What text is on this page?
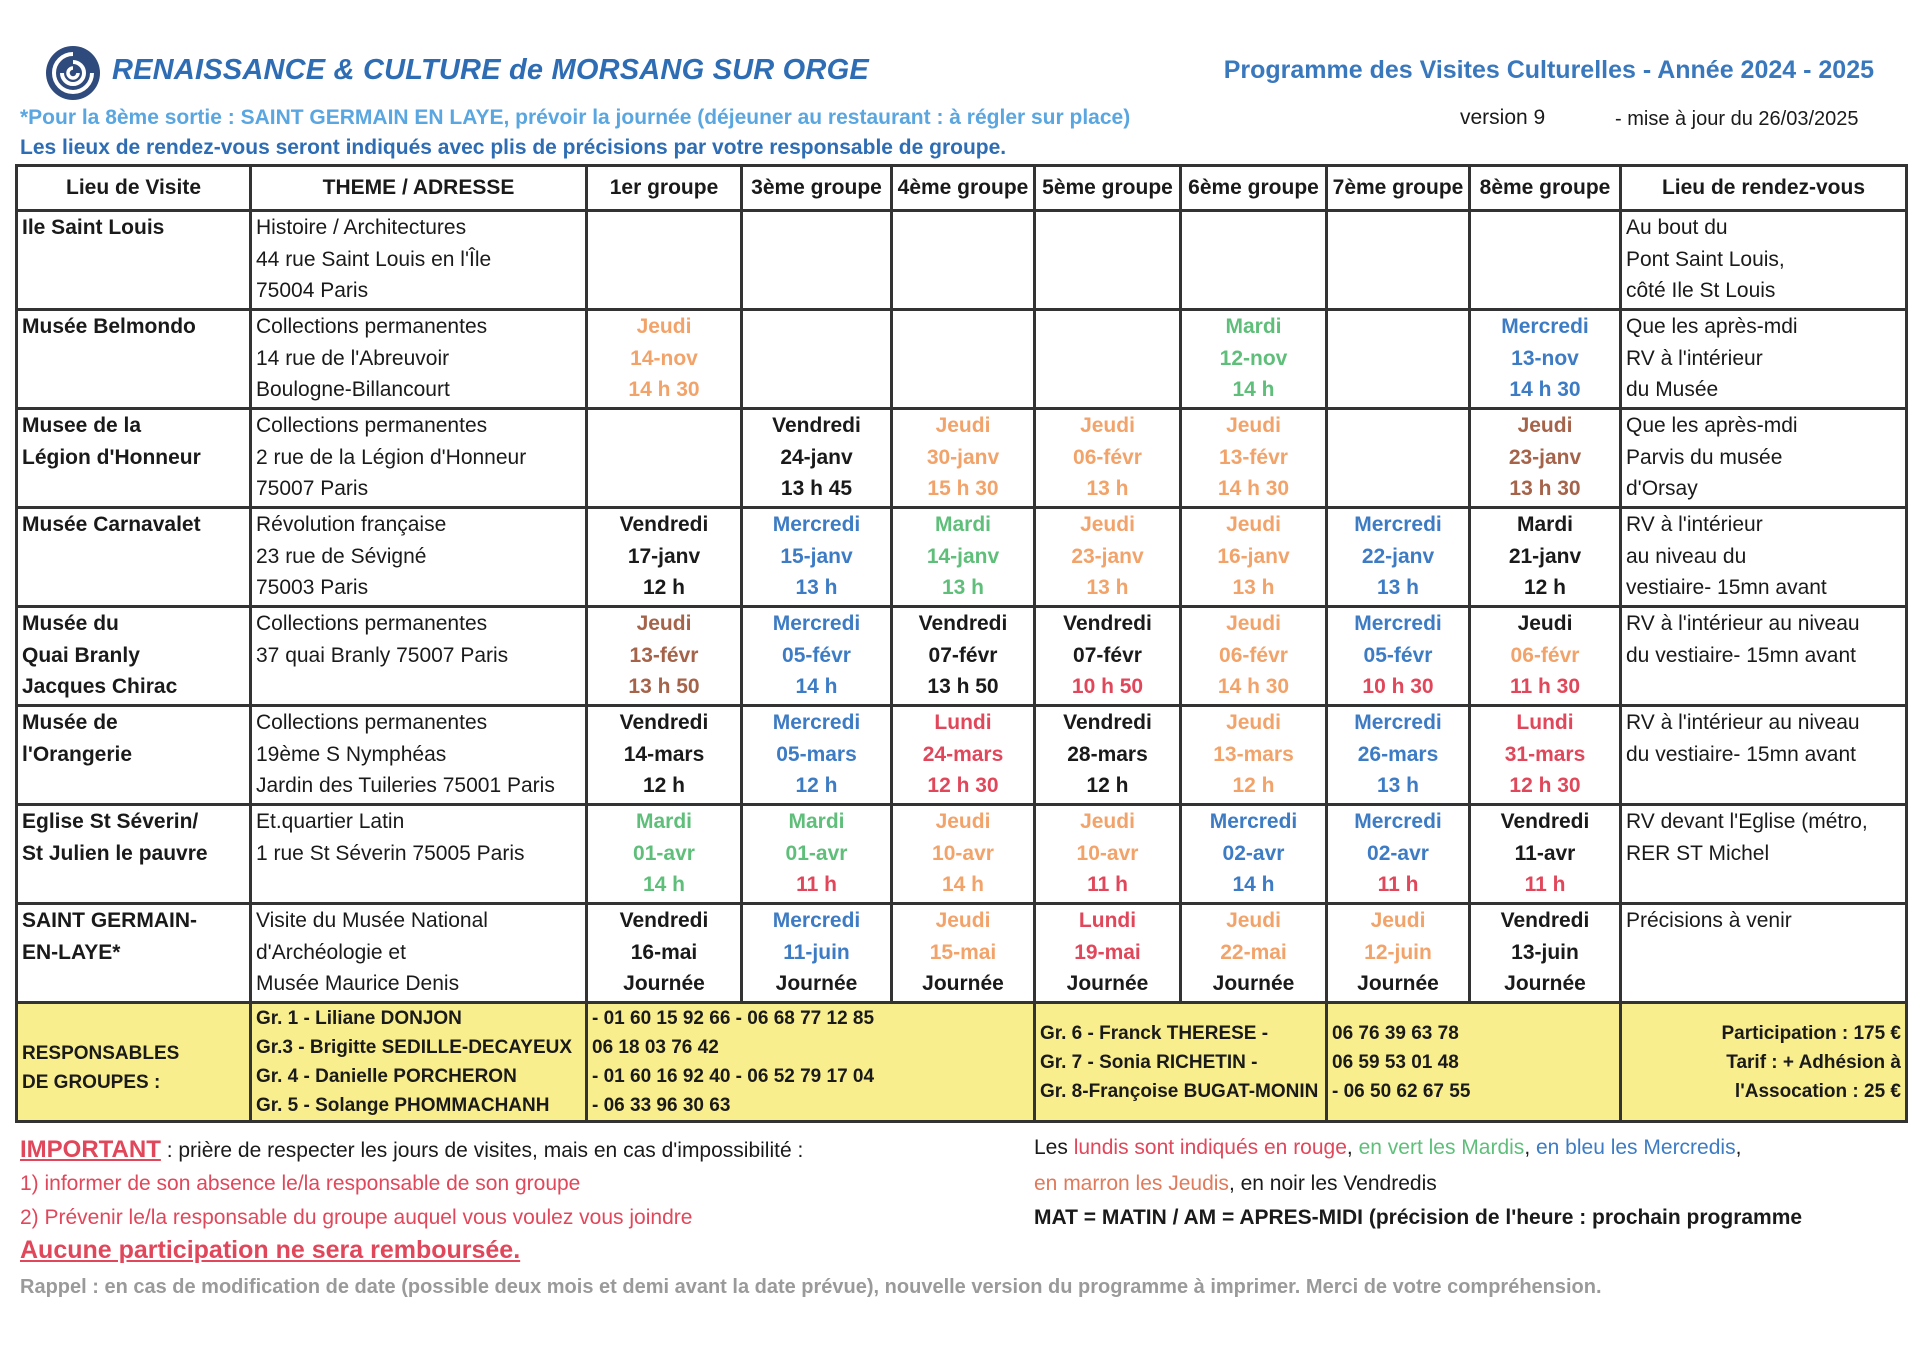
RENAISSANCE & CULTURE de MORSANG SUR ORGE	Programme des Visites Culturelles - Année 2024 - 2025
*Pour la 8ème sortie : SAINT GERMAIN EN LAYE, prévoir la journée (déjeuner au restaurant : à régler sur place)	version 9	- mise à jour du 26/03/2025
Les lieux de rendez-vous seront indiqués avec plis de précisions par votre responsable de groupe.
Lieu de Visite	THEME / ADRESSE	1er groupe	3ème groupe	4ème groupe	5ème groupe	6ème groupe	7ème groupe	8ème groupe	Lieu de rendez-vous

Ile Saint Louis	Histoire / Architectures
44 rue Saint Louis en l'Île
75004 Paris								Au bout du
Pont Saint Louis,
côté Ile St Louis

Musée Belmondo	Collections permanentes
14 rue de l'Abreuvoir
Boulogne-Billancourt	Jeudi
14-nov
14 h 30				Mardi
12-nov
14 h		Mercredi
13-nov
14 h 30	Que les après-mdi
RV à l'intérieur
du Musée

Musee de la
Légion d'Honneur	Collections permanentes
2 rue de la Légion d'Honneur
75007 Paris		Vendredi
24-janv
13 h 45	Jeudi
30-janv
15 h 30	Jeudi
06-févr
13 h	Jeudi
13-févr
14 h 30		Jeudi
23-janv
13 h 30	Que les après-mdi
Parvis du musée
d'Orsay

Musée Carnavalet	Révolution française
23 rue de Sévigné
75003 Paris	Vendredi
17-janv
12 h	Mercredi
15-janv
13 h	Mardi
14-janv
13 h	Jeudi
23-janv
13 h	Jeudi
16-janv
13 h	Mercredi
22-janv
13 h	Mardi
21-janv
12 h	RV à l'intérieur
au niveau du
vestiaire- 15mn avant

Musée du
Quai Branly
Jacques Chirac	Collections permanentes
37 quai Branly 75007 Paris	Jeudi
13-févr
13 h 50	Mercredi
05-févr
14 h	Vendredi
07-févr
13 h 50	Vendredi
07-févr
10 h 50	Jeudi
06-févr
14 h 30	Mercredi
05-févr
10 h 30	Jeudi
06-févr
11 h 30	RV à l'intérieur au niveau
du vestiaire- 15mn avant

Musée de
l'Orangerie	Collections permanentes
19ème S Nymphéas
Jardin des Tuileries 75001 Paris	Vendredi
14-mars
12 h	Mercredi
05-mars
12 h	Lundi
24-mars
12 h 30	Vendredi
28-mars
12 h	Jeudi
13-mars
12 h	Mercredi
26-mars
13 h	Lundi
31-mars
12 h 30	RV à l'intérieur au niveau
du vestiaire- 15mn avant

Eglise St Séverin/
St Julien le pauvre	Et.quartier Latin
1 rue St Séverin 75005 Paris	Mardi
01-avr
14 h	Mardi
01-avr
11 h	Jeudi
10-avr
14 h	Jeudi
10-avr
11 h	Mercredi
02-avr
14 h	Mercredi
02-avr
11 h	Vendredi
11-avr
11 h	RV devant l'Eglise (métro,
RER ST Michel

SAINT GERMAIN-
EN-LAYE*	Visite du Musée National
d'Archéologie et
Musée Maurice Denis	Vendredi
16-mai
Journée	Mercredi
11-juin
Journée	Jeudi
15-mai
Journée	Lundi
19-mai
Journée	Jeudi
22-mai
Journée	Jeudi
12-juin
Journée	Vendredi
13-juin
Journée	Précisions à venir

RESPONSABLES
DE GROUPES :	Gr. 1 - Liliane DONJON
Gr.3 - Brigitte SEDILLE-DECAYEUX
Gr. 4 - Danielle PORCHERON
Gr. 5 - Solange PHOMMACHANH	- 01 60 15 92 66 - 06 68 77 12 85
06 18 03 76 42
- 01 60 16 92 40 - 06 52 79 17 04
- 06 33 96 30 63			Gr. 6 - Franck THERESE -
Gr. 7 - Sonia RICHETIN -
Gr. 8-Françoise BUGAT-MONIN		06 76 39 63 78
06 59 53 01 48
- 06 50 62 67 55		Participation : 175 €
Tarif : + Adhésion à
l'Assocation : 25 €
IMPORTANT : prière de respecter les jours de visites, mais en cas d'impossibilité :
1) informer de son absence le/la responsable de son groupe
2) Prévenir le/la responsable du groupe auquel vous voulez vous joindre
Aucune participation ne sera remboursée.
Les lundis sont indiqués en rouge, en vert les Mardis, en bleu les Mercredis,
en marron les Jeudis, en noir les Vendredis
MAT = MATIN / AM = APRES-MIDI (précision de l'heure : prochain programme
Rappel : en cas de modification de date (possible deux mois et demi avant la date prévue), nouvelle version du programme à imprimer. Merci de votre compréhension.
